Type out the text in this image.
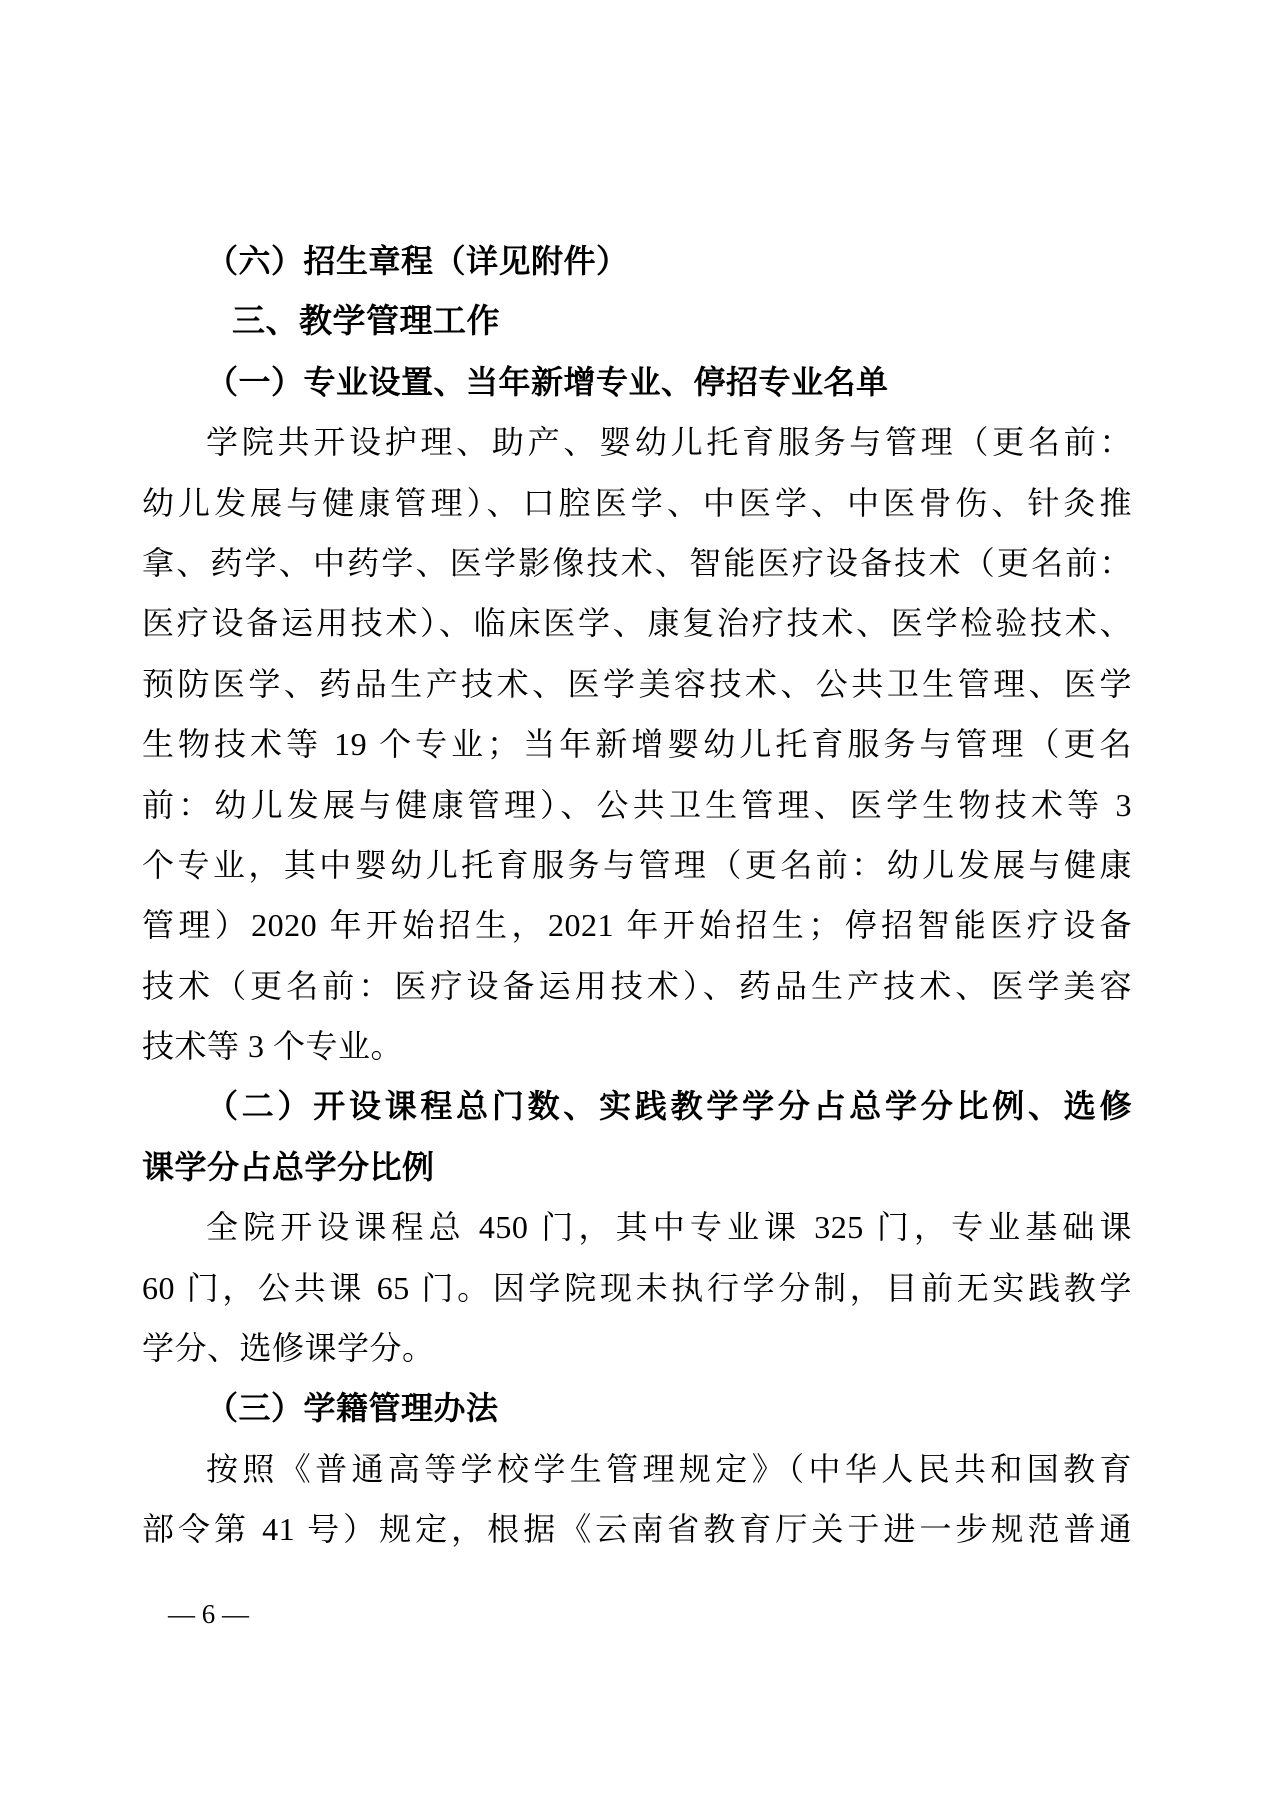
（六）招生章程（详见附件）
三、教学管理工作
（一）专业设置、当年新增专业、停招专业名单
学院共开设护理、助产、婴幼儿托育服务与管理（更名前：
幼儿发展与健康管理）、口腔医学、中医学、中医骨伤、针灸推
拿、药学、中药学、医学影像技术、智能医疗设备技术（更名前：
医疗设备运用技术）、临床医学、康复治疗技术、医学检验技术、
预防医学、药品生产技术、医学美容技术、公共卫生管理、医学
生物技术等 19 个专业；当年新增婴幼儿托育服务与管理（更名
前：幼儿发展与健康管理）、公共卫生管理、医学生物技术等 3
个专业，其中婴幼儿托育服务与管理（更名前：幼儿发展与健康
管理）2020 年开始招生，2021 年开始招生；停招智能医疗设备
技术（更名前：医疗设备运用技术）、药品生产技术、医学美容
技术等 3 个专业。
（二）开设课程总门数、实践教学学分占总学分比例、选修
课学分占总学分比例
全院开设课程总 450 门，其中专业课 325 门，专业基础课
60 门，公共课 65 门。因学院现未执行学分制，目前无实践教学
学分、选修课学分。
（三）学籍管理办法
按照《普通高等学校学生管理规定》（中华人民共和国教育
部令第 41 号）规定，根据《云南省教育厅关于进一步规范普通
— 6 —
